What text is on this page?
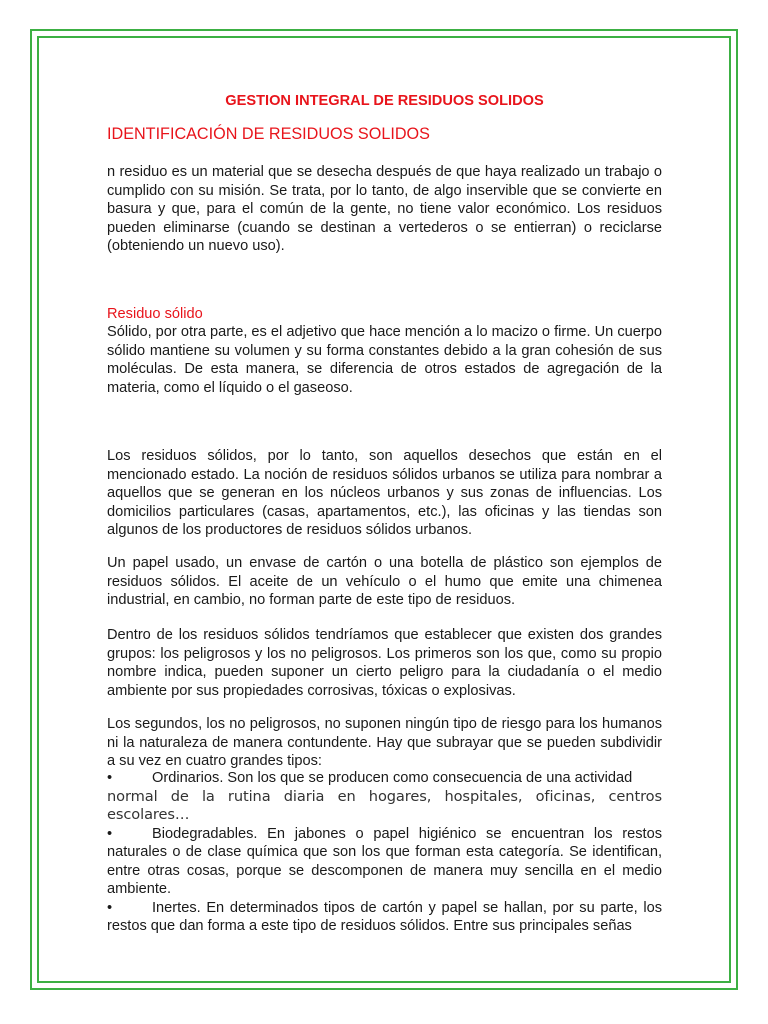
GESTION INTEGRAL DE RESIDUOS SOLIDOS
IDENTIFICACIÓN DE RESIDUOS SOLIDOS

n residuo es un material que se desecha después de que haya realizado un trabajo o cumplido con su misión. Se trata, por lo tanto, de algo inservible que se convierte en basura y que, para el común de la gente, no tiene valor económico. Los residuos pueden eliminarse (cuando se destinan a vertederos o se entierran) o reciclarse (obteniendo un nuevo uso).

Residuo sólido

Sólido, por otra parte, es el adjetivo que hace mención a lo macizo o firme. Un cuerpo sólido mantiene su volumen y su forma constantes debido a la gran cohesión de sus moléculas. De esta manera, se diferencia de otros estados de agregación de la materia, como el líquido o el gaseoso.

Los residuos sólidos, por lo tanto, son aquellos desechos que están en el mencionado estado. La noción de residuos sólidos urbanos se utiliza para nombrar a aquellos que se generan en los núcleos urbanos y sus zonas de influencias. Los domicilios particulares (casas, apartamentos, etc.), las oficinas y las tiendas son algunos de los productores de residuos sólidos urbanos.

Un papel usado, un envase de cartón o una botella de plástico son ejemplos de residuos sólidos. El aceite de un vehículo o el humo que emite una chimenea industrial, en cambio, no forman parte de este tipo de residuos.

Dentro de los residuos sólidos tendríamos que establecer que existen dos grandes grupos: los peligrosos y los no peligrosos. Los primeros son los que, como su propio nombre indica, pueden suponer un cierto peligro para la ciudadanía o el medio ambiente por sus propiedades corrosivas, tóxicas o explosivas.

Los segundos, los no peligrosos, no suponen ningún tipo de riesgo para los humanos ni la naturaleza de manera contundente. Hay que subrayar que se pueden subdividir a su vez en cuatro grandes tipos:

•	Ordinarios. Son los que se producen como consecuencia de una actividad

normal de la rutina diaria en hogares, hospitales, oficinas, centros escolares…

•	Biodegradables. En jabones o papel higiénico se encuentran los restos naturales o de clase química que son los que forman esta categoría. Se identifican, entre otras cosas, porque se descomponen de manera muy sencilla en el medio ambiente.

•	Inertes. En determinados tipos de cartón y papel se hallan, por su parte, los restos que dan forma a este tipo de residuos sólidos. Entre sus principales señas
